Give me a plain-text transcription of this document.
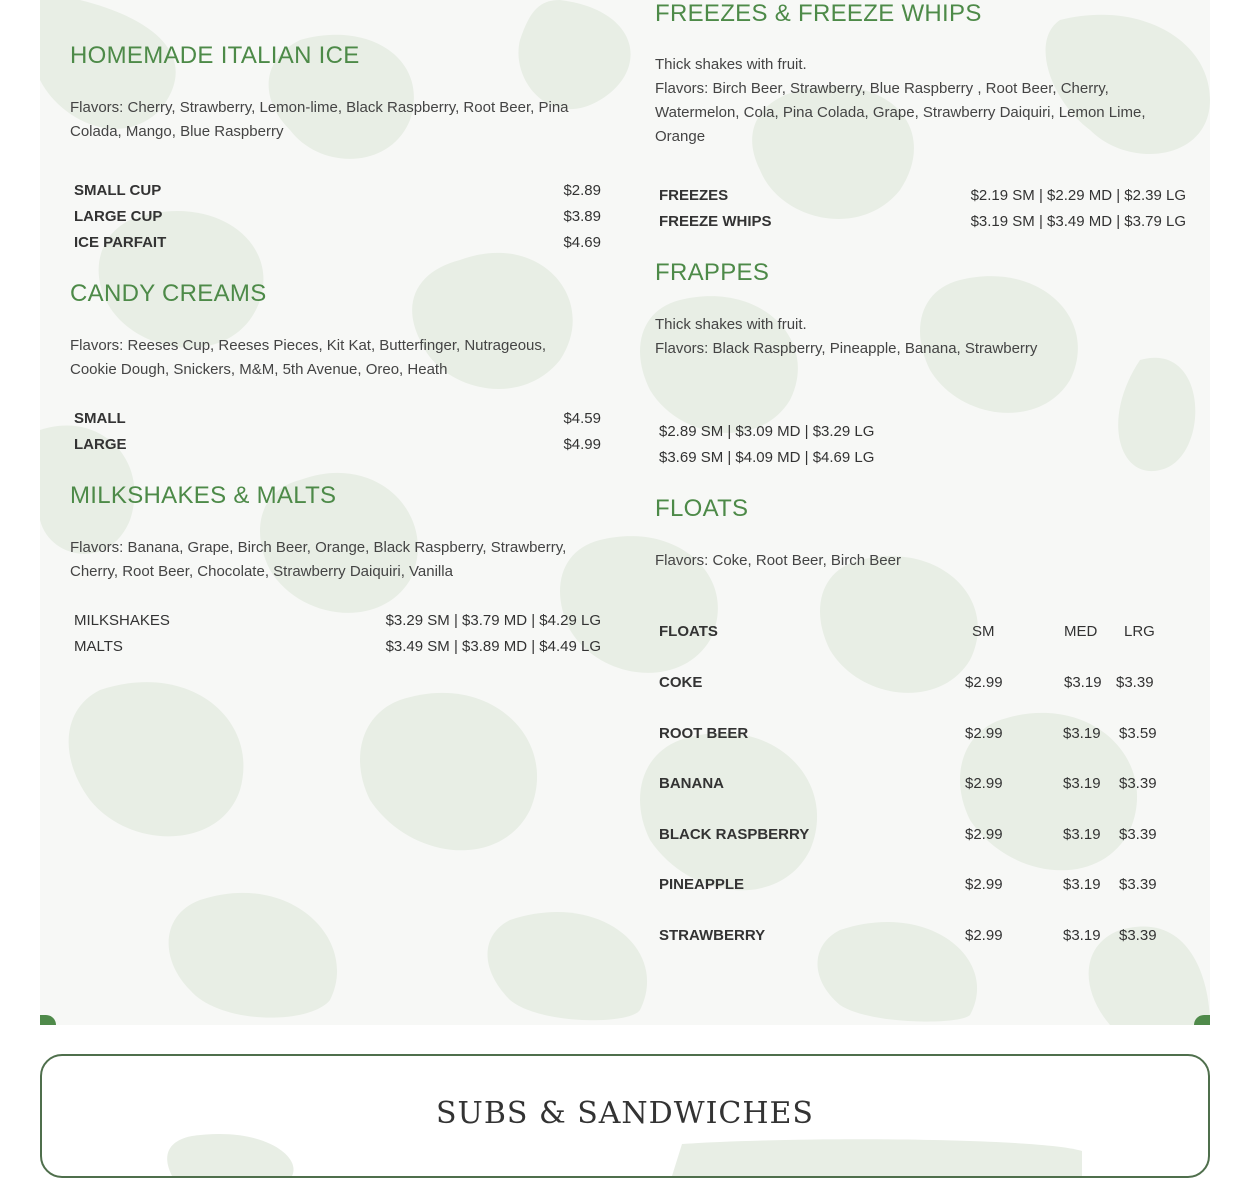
HOMEMADE ITALIAN ICE

Flavors: Cherry, Strawberry, Lemon-lime, Black Raspberry, Root Beer, Pina Colada, Mango, Blue Raspberry

SMALL CUP	$2.89
LARGE CUP	$3.89
ICE PARFAIT	$4.69
CANDY CREAMS

Flavors: Reeses Cup, Reeses Pieces, Kit Kat, Butterfinger, Nutrageous, Cookie Dough, Snickers, M&M, 5th Avenue, Oreo, Heath

SMALL	$4.59
LARGE	$4.99
MILKSHAKES & MALTS

Flavors: Banana, Grape, Birch Beer, Orange, Black Raspberry, Strawberry, Cherry, Root Beer, Chocolate, Strawberry Daiquiri, Vanilla

MILKSHAKES	$3.29 SM | $3.79 MD | $4.29 LG
MALTS	$3.49 SM | $3.89 MD | $4.49 LG
FREEZES & FREEZE WHIPS

Thick shakes with fruit.

Flavors: Birch Beer, Strawberry, Blue Raspberry , Root Beer, Cherry, Watermelon, Cola, Pina Colada, Grape, Strawberry Daiquiri, Lemon Lime, Orange

FREEZES	$2.19 SM | $2.29 MD | $2.39 LG
FREEZE WHIPS	$3.19 SM | $3.49 MD | $3.79 LG
FRAPPES

Thick shakes with fruit.

Flavors: Black Raspberry, Pineapple, Banana, Strawberry

$2.89 SM | $3.09 MD | $3.29 LG
$3.69 SM | $4.09 MD | $4.69 LG
FLOATS

Flavors: Coke, Root Beer, Birch Beer

FLOATS	SM	MED LRG
COKE	$2.99	$3.19 $3.39
ROOT BEER	$2.99	$3.19 $3.59
BANANA	$2.99	$3.19 $3.39
BLACK RASPBERRY	$2.99	$3.19 $3.39
PINEAPPLE	$2.99	$3.19 $3.39
STRAWBERRY	$2.99	$3.19 $3.39
SUBS & SANDWICHES
